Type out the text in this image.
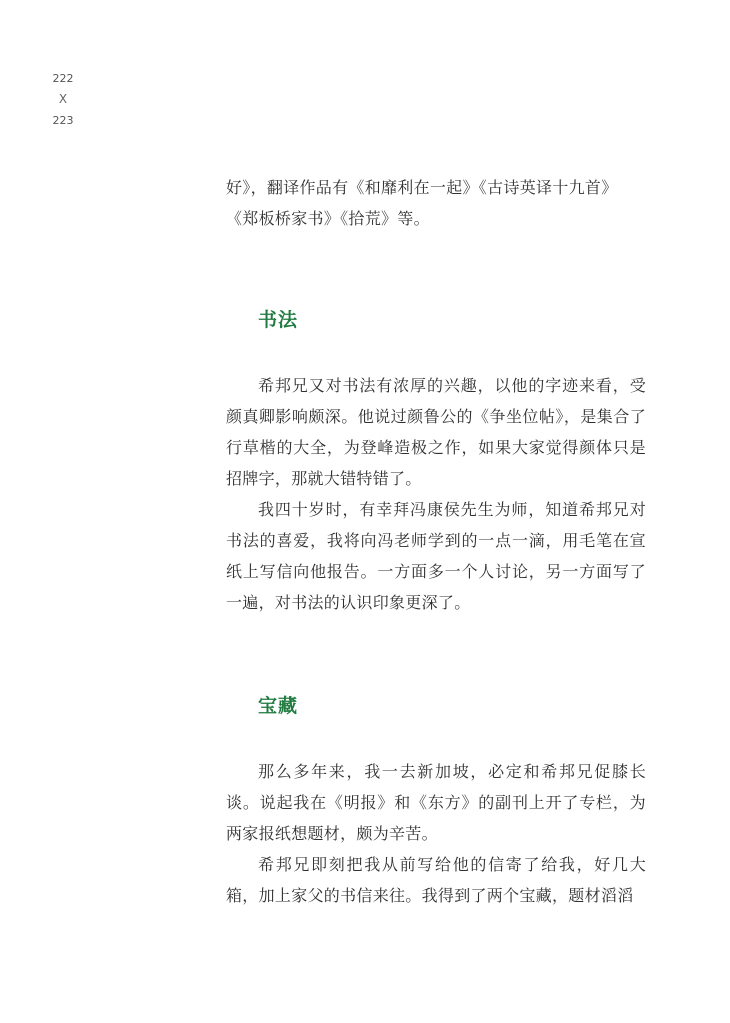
222
X
223

好》，翻译作品有《和靡利在一起》《古诗英译十九首》

《郑板桥家书》《拾荒》等。

书法

希邦兄又对书法有浓厚的兴趣，以他的字迹来看，受颜真卿影响颇深。他说过颜鲁公的《争坐位帖》，是集合了行草楷的大全，为登峰造极之作，如果大家觉得颜体只是招牌字，那就大错特错了。

我四十岁时，有幸拜冯康侯先生为师，知道希邦兄对书法的喜爱，我将向冯老师学到的一点一滴，用毛笔在宣纸上写信向他报告。一方面多一个人讨论，另一方面写了一遍，对书法的认识印象更深了。

宝藏

那么多年来，我一去新加坡，必定和希邦兄促膝长谈。说起我在《明报》和《东方》的副刊上开了专栏，为两家报纸想题材，颇为辛苦。

希邦兄即刻把我从前写给他的信寄了给我，好几大箱，加上家父的书信来往。我得到了两个宝藏，题材滔滔
